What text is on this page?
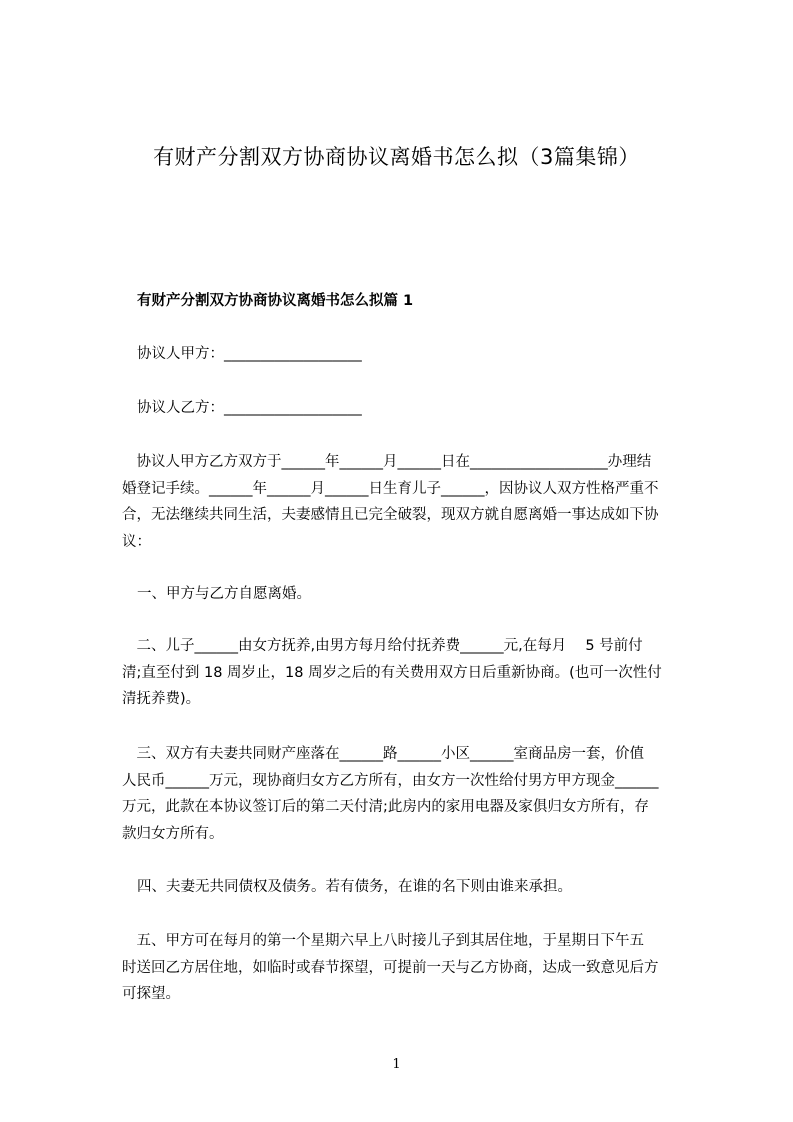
有财产分割双方协商协议离婚书怎么拟（3篇集锦）
有财产分割双方协商协议离婚书怎么拟篇 1
协议人甲方：___________________
协议人乙方：___________________
　协议人甲方乙方双方于______年______月______日在___________________办理结
婚登记手续。______年______月______日生育儿子______，因协议人双方性格严重不
合，无法继续共同生活，夫妻感情且已完全破裂，现双方就自愿离婚一事达成如下协
议：
一、甲方与乙方自愿离婚。
　二、儿子______由女方抚养,由男方每月给付抚养费______元,在每月　 5 号前付
清;直至付到 18 周岁止，18 周岁之后的有关费用双方日后重新协商。(也可一次性付
清抚养费)。
　三、双方有夫妻共同财产座落在______路______小区______室商品房一套，价值
人民币______万元，现协商归女方乙方所有，由女方一次性给付男方甲方现金______
万元，此款在本协议签订后的第二天付清;此房内的家用电器及家俱归女方所有，存
款归女方所有。
四、夫妻无共同债权及债务。若有债务，在谁的名下则由谁来承担。
　五、甲方可在每月的第一个星期六早上八时接儿子到其居住地，于星期日下午五
时送回乙方居住地，如临时或春节探望，可提前一天与乙方协商，达成一致意见后方
可探望。
1
